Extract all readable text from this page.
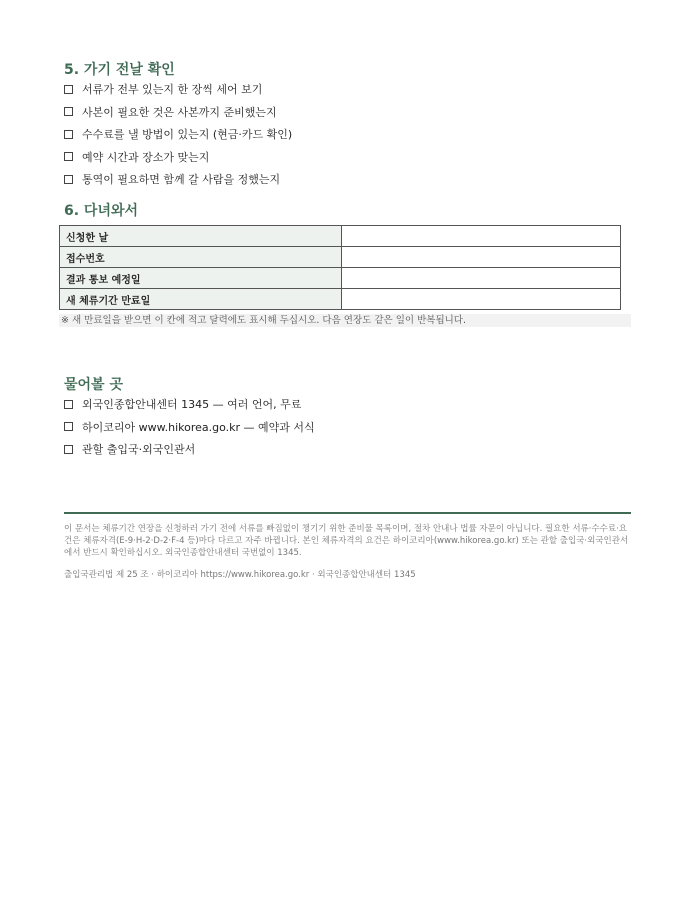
5. 가기 전날 확인
서류가 전부 있는지 한 장씩 세어 보기
사본이 필요한 것은 사본까지 준비했는지
수수료를 낼 방법이 있는지 (현금·카드 확인)
예약 시간과 장소가 맞는지
통역이 필요하면 함께 갈 사람을 정했는지
6. 다녀와서
신청한 날	
접수번호	
결과 통보 예정일	
새 체류기간 만료일	
※ 새 만료일을 받으면 이 칸에 적고 달력에도 표시해 두십시오. 다음 연장도 같은 일이 반복됩니다.
물어볼 곳
외국인종합안내센터 1345 — 여러 언어, 무료
하이코리아 www.hikorea.go.kr — 예약과 서식
관할 출입국·외국인관서

이 문서는 체류기간 연장을 신청하러 가기 전에 서류를 빠짐없이 챙기기 위한 준비물 목록이며, 절차 안내나 법률 자문이 아닙니다. 필요한 서류·수수료·요건은 체류자격(E-9·H-2·D-2·F-4 등)마다 다르고 자주 바뀝니다. 본인 체류자격의 요건은 하이코리아(www.hikorea.go.kr) 또는 관할 출입국·외국인관서에서 반드시 확인하십시오. 외국인종합안내센터 국번없이 1345.

출입국관리법 제 25 조 · 하이코리아 https://www.hikorea.go.kr · 외국인종합안내센터 1345
